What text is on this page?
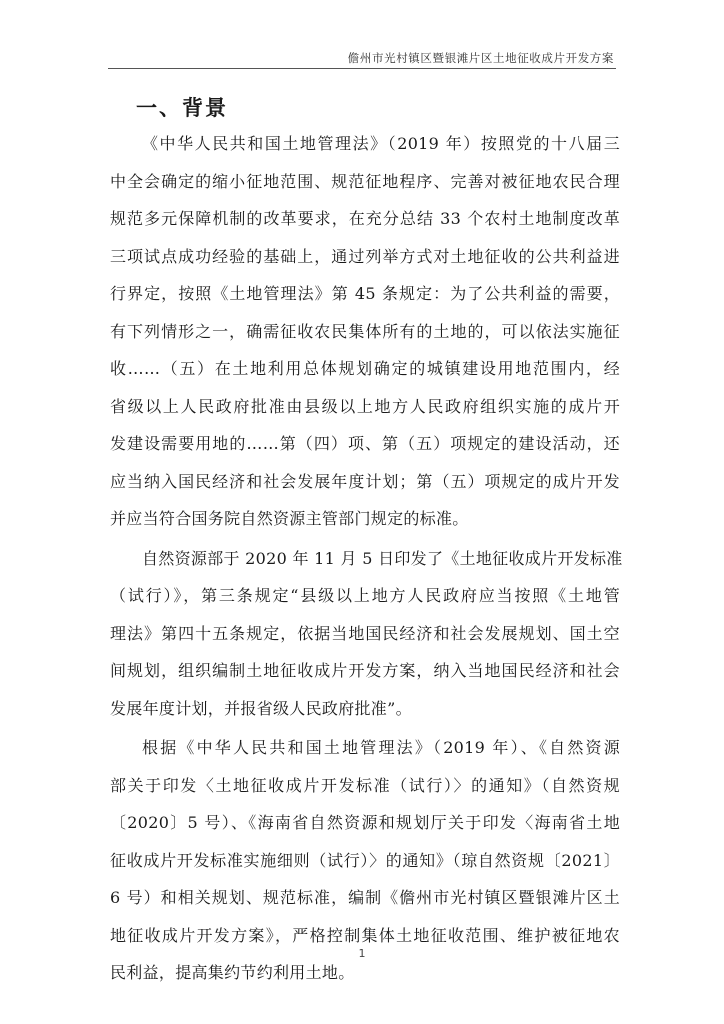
儋州市光村镇区暨银滩片区土地征收成片开发方案
一、背景
《中华人民共和国土地管理法》（2019 年）按照党的十八届三
中全会确定的缩小征地范围、规范征地程序、完善对被征地农民合理
规范多元保障机制的改革要求，在充分总结 33 个农村土地制度改革
三项试点成功经验的基础上，通过列举方式对土地征收的公共利益进
行界定，按照《土地管理法》第 45 条规定：为了公共利益的需要，
有下列情形之一，确需征收农民集体所有的土地的，可以依法实施征
收……（五）在土地利用总体规划确定的城镇建设用地范围内，经
省级以上人民政府批准由县级以上地方人民政府组织实施的成片开
发建设需要用地的……第（四）项、第（五）项规定的建设活动，还
应当纳入国民经济和社会发展年度计划；第（五）项规定的成片开发
并应当符合国务院自然资源主管部门规定的标准。
自然资源部于 2020 年 11 月 5 日印发了《土地征收成片开发标准
（试行）》，第三条规定“县级以上地方人民政府应当按照《土地管
理法》第四十五条规定，依据当地国民经济和社会发展规划、国土空
间规划，组织编制土地征收成片开发方案，纳入当地国民经济和社会
发展年度计划，并报省级人民政府批准”。
根据《中华人民共和国土地管理法》（2019 年）、《自然资源
部关于印发〈土地征收成片开发标准（试行）〉的通知》（自然资规
〔2020〕5 号）、《海南省自然资源和规划厅关于印发〈海南省土地
征收成片开发标准实施细则（试行）〉的通知》（琼自然资规〔2021〕
6 号）和相关规划、规范标准，编制《儋州市光村镇区暨银滩片区土
地征收成片开发方案》，严格控制集体土地征收范围、维护被征地农
民利益，提高集约节约利用土地。
1
